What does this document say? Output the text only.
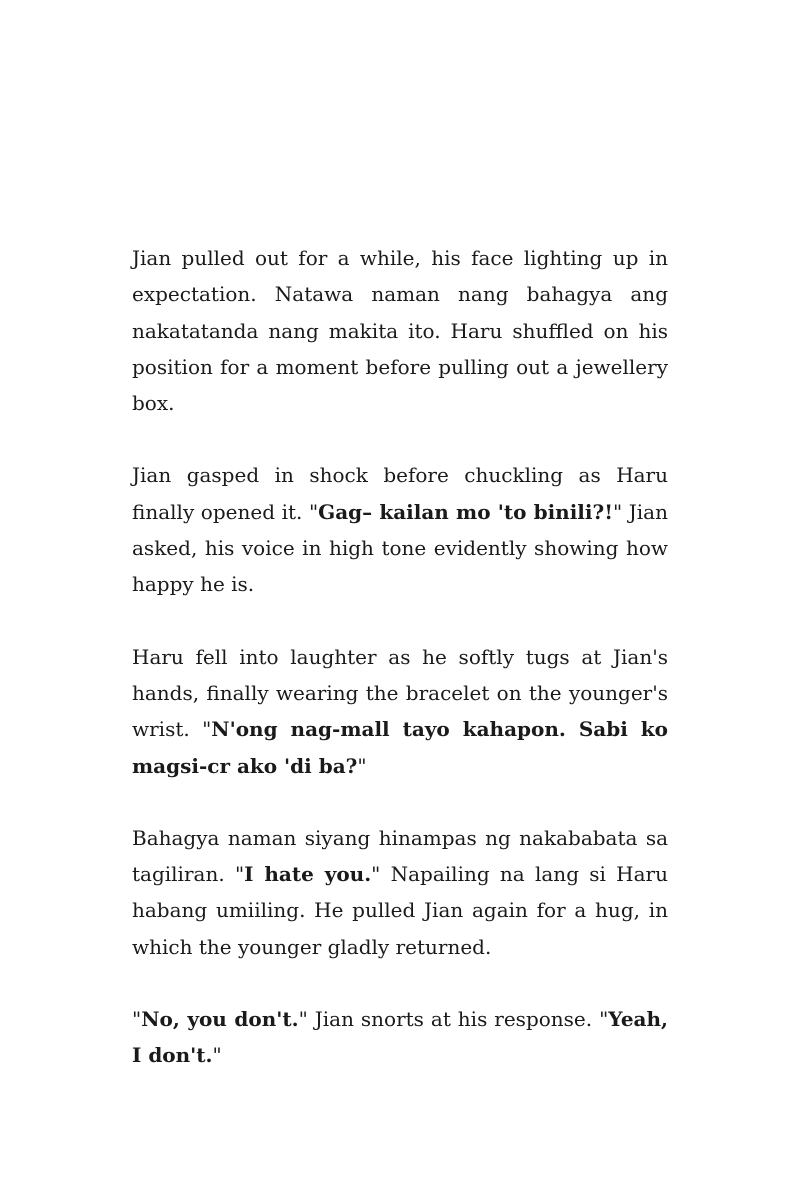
Jian pulled out for a while, his face lighting up in expectation. Natawa naman nang bahagya ang nakatatanda nang makita ito. Haru shuffled on his position for a moment before pulling out a jewellery box.

Jian gasped in shock before chuckling as Haru finally opened it. "Gag– kailan mo 'to binili?!" Jian asked, his voice in high tone evidently showing how happy he is.

Haru fell into laughter as he softly tugs at Jian's hands, finally wearing the bracelet on the younger's wrist. "N'ong nag-mall tayo kahapon. Sabi ko magsi-cr ako 'di ba?"

Bahagya naman siyang hinampas ng nakababata sa tagiliran. "I hate you." Napailing na lang si Haru habang umiiling. He pulled Jian again for a hug, in which the younger gladly returned.

"No, you don't." Jian snorts at his response. "Yeah, I don't."
